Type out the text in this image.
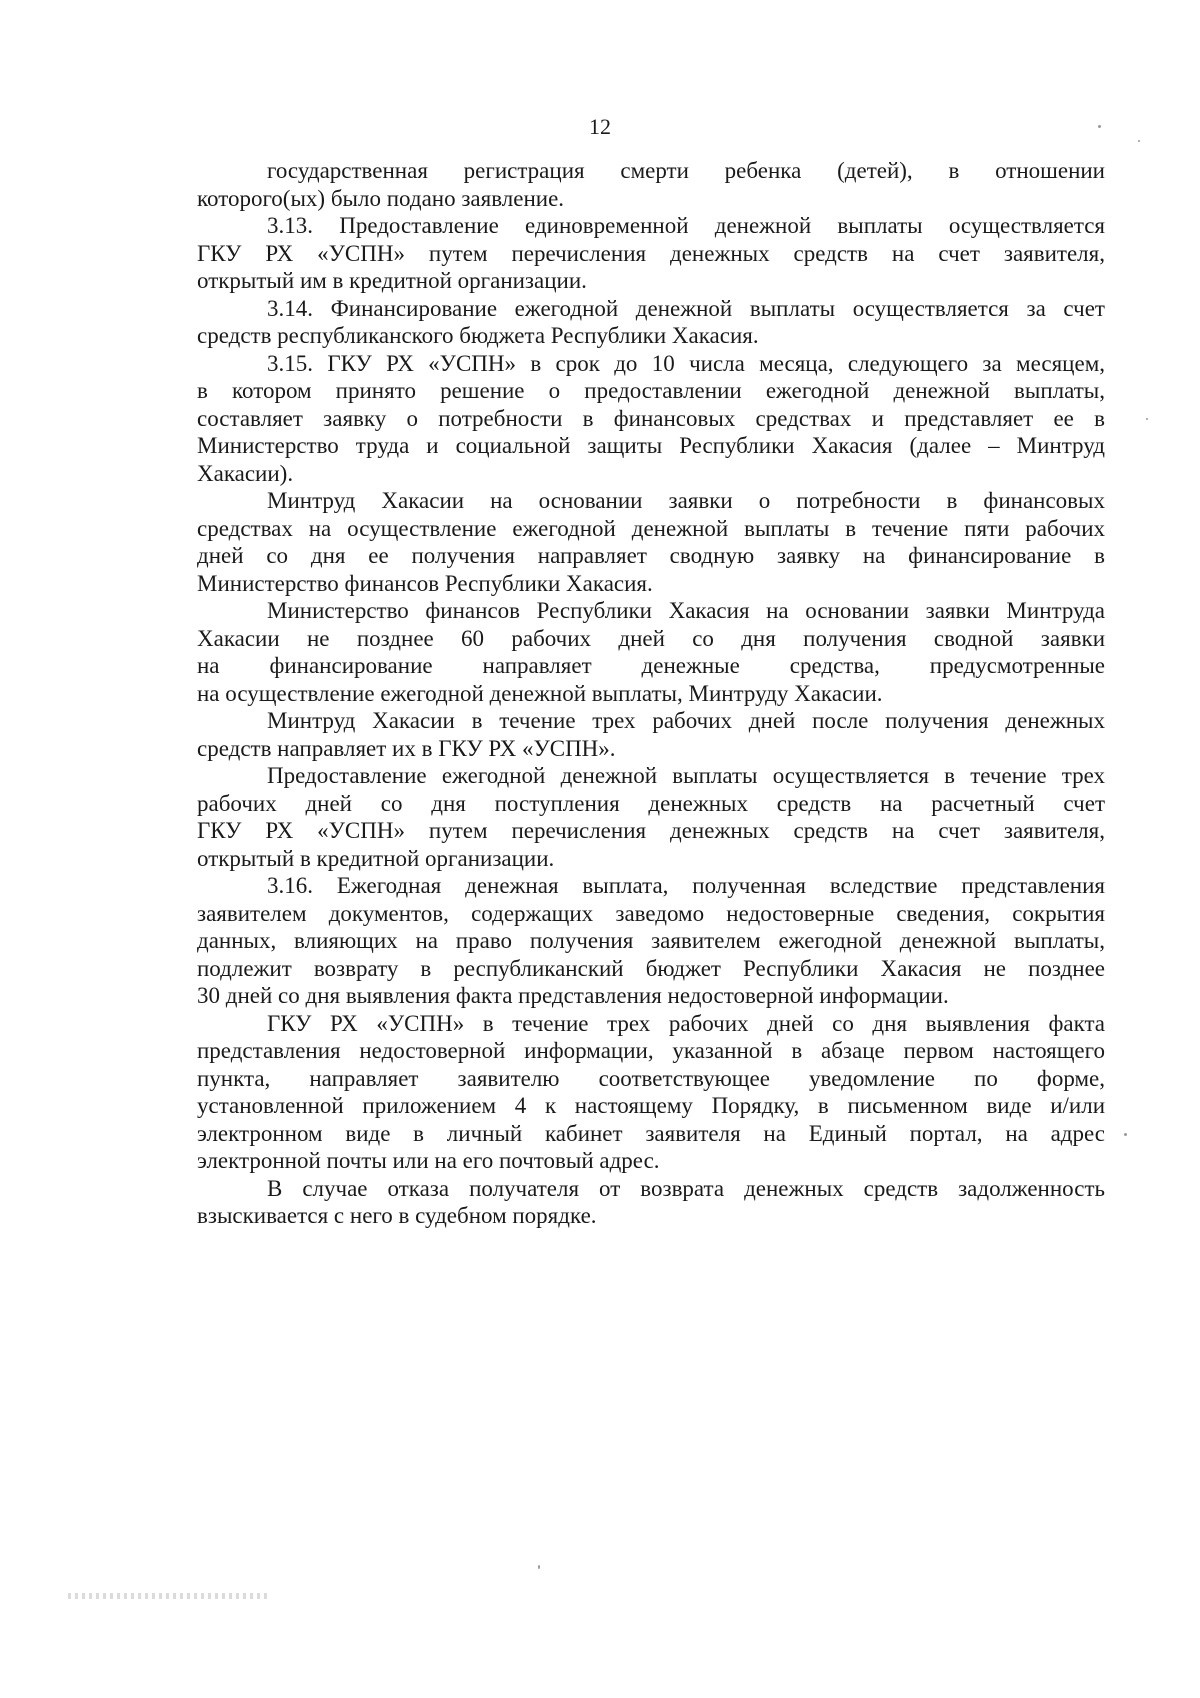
12
государственная регистрация смерти ребенка (детей), в отношении
которого(ых) было подано заявление.
3.13. Предоставление единовременной денежной выплаты осуществляется
ГКУ РХ «УСПН» путем перечисления денежных средств на счет заявителя,
открытый им в кредитной организации.
3.14. Финансирование ежегодной денежной выплаты осуществляется за счет
средств республиканского бюджета Республики Хакасия.
3.15. ГКУ РХ «УСПН» в срок до 10 числа месяца, следующего за месяцем,
в котором принято решение о предоставлении ежегодной денежной выплаты,
составляет заявку о потребности в финансовых средствах и представляет ее в
Министерство труда и социальной защиты Республики Хакасия (далее – Минтруд
Хакасии).
Минтруд Хакасии на основании заявки о потребности в финансовых
средствах на осуществление ежегодной денежной выплаты в течение пяти рабочих
дней со дня ее получения направляет сводную заявку на финансирование в
Министерство финансов Республики Хакасия.
Министерство финансов Республики Хакасия на основании заявки Минтруда
Хакасии не позднее 60 рабочих дней со дня получения сводной заявки
на финансирование направляет денежные средства, предусмотренные
на осуществление ежегодной денежной выплаты, Минтруду Хакасии.
Минтруд Хакасии в течение трех рабочих дней после получения денежных
средств направляет их в ГКУ РХ «УСПН».
Предоставление ежегодной денежной выплаты осуществляется в течение трех
рабочих дней со дня поступления денежных средств на расчетный счет
ГКУ РХ «УСПН» путем перечисления денежных средств на счет заявителя,
открытый в кредитной организации.
3.16. Ежегодная денежная выплата, полученная вследствие представления
заявителем документов, содержащих заведомо недостоверные сведения, сокрытия
данных, влияющих на право получения заявителем ежегодной денежной выплаты,
подлежит возврату в республиканский бюджет Республики Хакасия не позднее
30 дней со дня выявления факта представления недостоверной информации.
ГКУ РХ «УСПН» в течение трех рабочих дней со дня выявления факта
представления недостоверной информации, указанной в абзаце первом настоящего
пункта, направляет заявителю соответствующее уведомление по форме,
установленной приложением 4 к настоящему Порядку, в письменном виде и/или
электронном виде в личный кабинет заявителя на Единый портал, на адрес
электронной почты или на его почтовый адрес.
В случае отказа получателя от возврата денежных средств задолженность
взыскивается с него в судебном порядке.
